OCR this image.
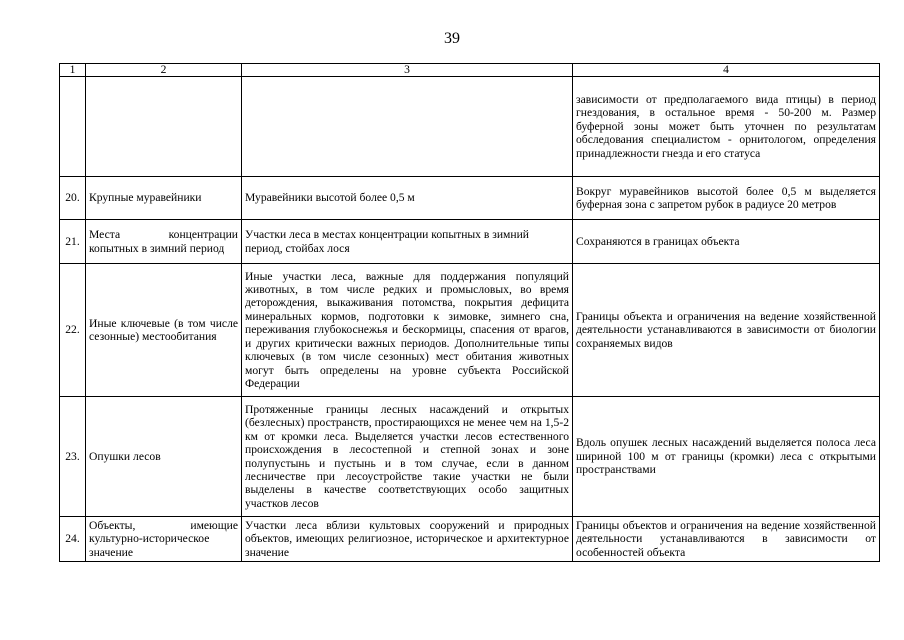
39
1	2	3	4
			зависимости от предполагаемого вида птицы) в период гнездования, в остальное время - 50-200 м. Размер буферной зоны может быть уточнен по результатам обследования специалистом - орнитологом, определения принадлежности гнезда и его статуса
20.	Крупные муравейники	Муравейники высотой более 0,5 м	Вокруг муравейников высотой более 0,5 м выделяется буферная зона с запретом рубок в радиусе 20 метров
21.	Места концентрации копытных в зимний период	Участки леса в местах концентрации копытных в зимний период, стойбах лося	Сохраняются в границах объекта
22.	Иные ключевые (в том числе сезонные) местообитания	Иные участки леса, важные для поддержания популяций животных, в том числе редких и промысловых, во время деторождения, выкаживания потомства, покрытия дефицита минеральных кормов, подготовки к зимовке, зимнего сна, переживания глубокоснежья и бескормицы, спасения от врагов, и других критически важных периодов. Дополнительные типы ключевых (в том числе сезонных) мест обитания животных могут быть определены на уровне субъекта Российской Федерации	Границы объекта и ограничения на ведение хозяйственной деятельности устанавливаются в зависимости от биологии сохраняемых видов
23.	Опушки лесов	Протяженные границы лесных насаждений и открытых (безлесных) пространств, простирающихся не менее чем на 1,5-2 км от кромки леса. Выделяется участки лесов естественного происхождения в лесостепной и степной зонах и зоне полупустынь и пустынь и в том случае, если в данном лесничестве при лесоустройстве такие участки не были выделены в качестве соответствующих особо защитных участков лесов	Вдоль опушек лесных насаждений выделяется полоса леса шириной 100 м от границы (кромки) леса с открытыми пространствами
24.	Объекты, имеющие культурно-историческое значение	Участки леса вблизи культовых сооружений и природных объектов, имеющих религиозное, историческое и архитектурное значение	Границы объектов и ограничения на ведение хозяйственной деятельности устанавливаются в зависимости от особенностей объекта
